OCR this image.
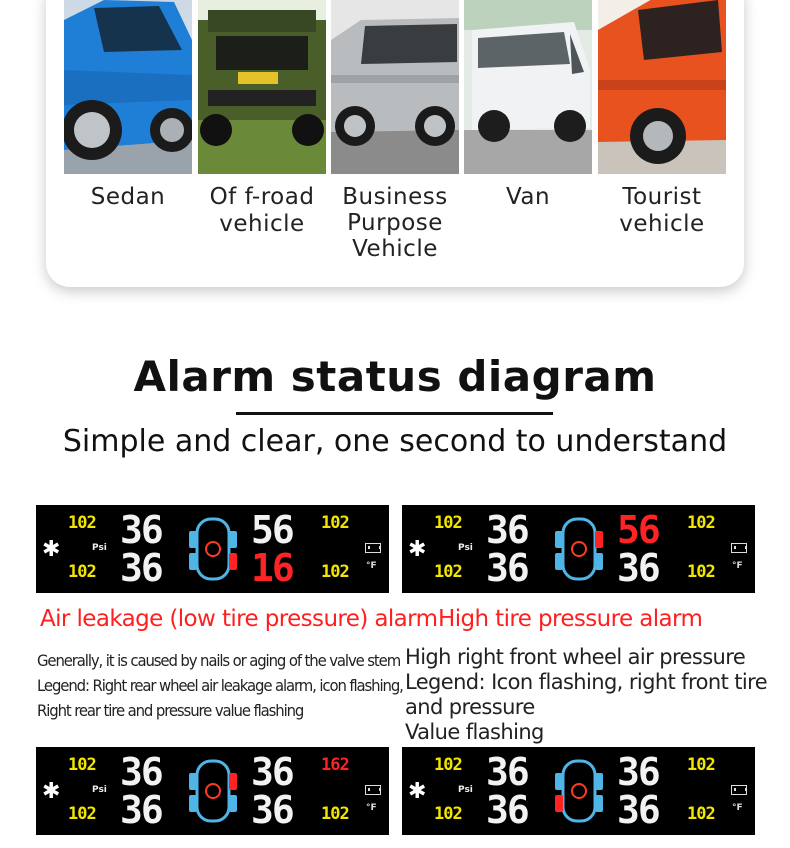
Sedan	Of f-road
vehicle
Business
Purpose
Vehicle
Van	Tourist
vehicle
Alarm status diagram
Simple and clear, one second to understand
102
102
✱	Psi 36
36
56
16
102
102 °F
102
102
✱	Psi 36
36
56
36
102
102 °F
102
102
✱	Psi 36
36
36
36
162
102 °F
102
102
✱	Psi 36
36
36
36
102
102 °F
Air leakage (low tire pressure) alarm High tire pressure alarm
Generally, it is caused by nails or aging of the valve stem
Legend: Right rear wheel air leakage alarm, icon flashing,
Right rear tire and pressure value flashing
High right front wheel air pressure
Legend: Icon flashing, right front tire
and pressure
Value flashing
